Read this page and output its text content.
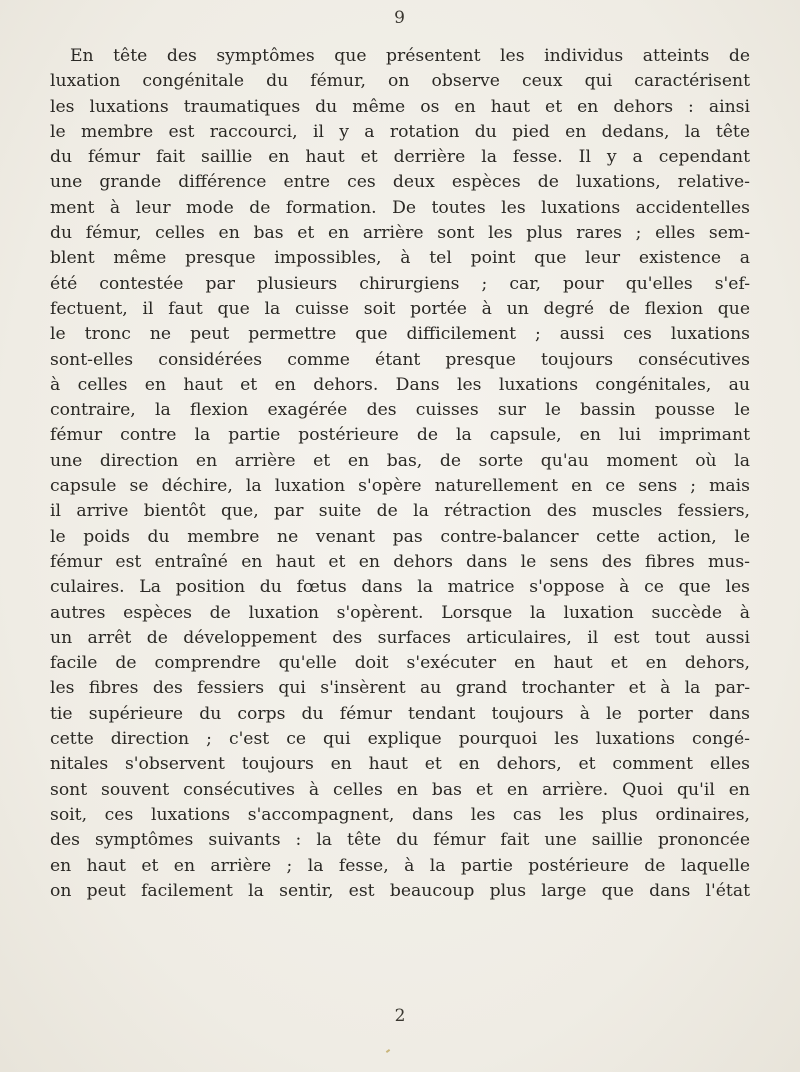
9
En tête des symptômes que présentent les individus atteints de
luxation congénitale du fémur, on observe ceux qui caractérisent
les luxations traumatiques du même os en haut et en dehors : ainsi
le membre est raccourci, il y a rotation du pied en dedans, la tête
du fémur fait saillie en haut et derrière la fesse. Il y a cependant
une grande différence entre ces deux espèces de luxations, relative-
ment à leur mode de formation. De toutes les luxations accidentelles
du fémur, celles en bas et en arrière sont les plus rares ; elles sem-
blent même presque impossibles, à tel point que leur existence a
été contestée par plusieurs chirurgiens ; car, pour qu'elles s'ef-
fectuent, il faut que la cuisse soit portée à un degré de flexion que
le tronc ne peut permettre que difficilement ; aussi ces luxations
sont-elles considérées comme étant presque toujours consécutives
à celles en haut et en dehors. Dans les luxations congénitales, au
contraire, la flexion exagérée des cuisses sur le bassin pousse le
fémur contre la partie postérieure de la capsule, en lui imprimant
une direction en arrière et en bas, de sorte qu'au moment où la
capsule se déchire, la luxation s'opère naturellement en ce sens ; mais
il arrive bientôt que, par suite de la rétraction des muscles fessiers,
le poids du membre ne venant pas contre-balancer cette action, le
fémur est entraîné en haut et en dehors dans le sens des fibres mus-
culaires. La position du fœtus dans la matrice s'oppose à ce que les
autres espèces de luxation s'opèrent. Lorsque la luxation succède à
un arrêt de développement des surfaces articulaires, il est tout aussi
facile de comprendre qu'elle doit s'exécuter en haut et en dehors,
les fibres des fessiers qui s'insèrent au grand trochanter et à la par-
tie supérieure du corps du fémur tendant toujours à le porter dans
cette direction ; c'est ce qui explique pourquoi les luxations congé-
nitales s'observent toujours en haut et en dehors, et comment elles
sont souvent consécutives à celles en bas et en arrière. Quoi qu'il en
soit, ces luxations s'accompagnent, dans les cas les plus ordinaires,
des symptômes suivants : la tête du fémur fait une saillie prononcée
en haut et en arrière ; la fesse, à la partie postérieure de laquelle
on peut facilement la sentir, est beaucoup plus large que dans l'état
2
